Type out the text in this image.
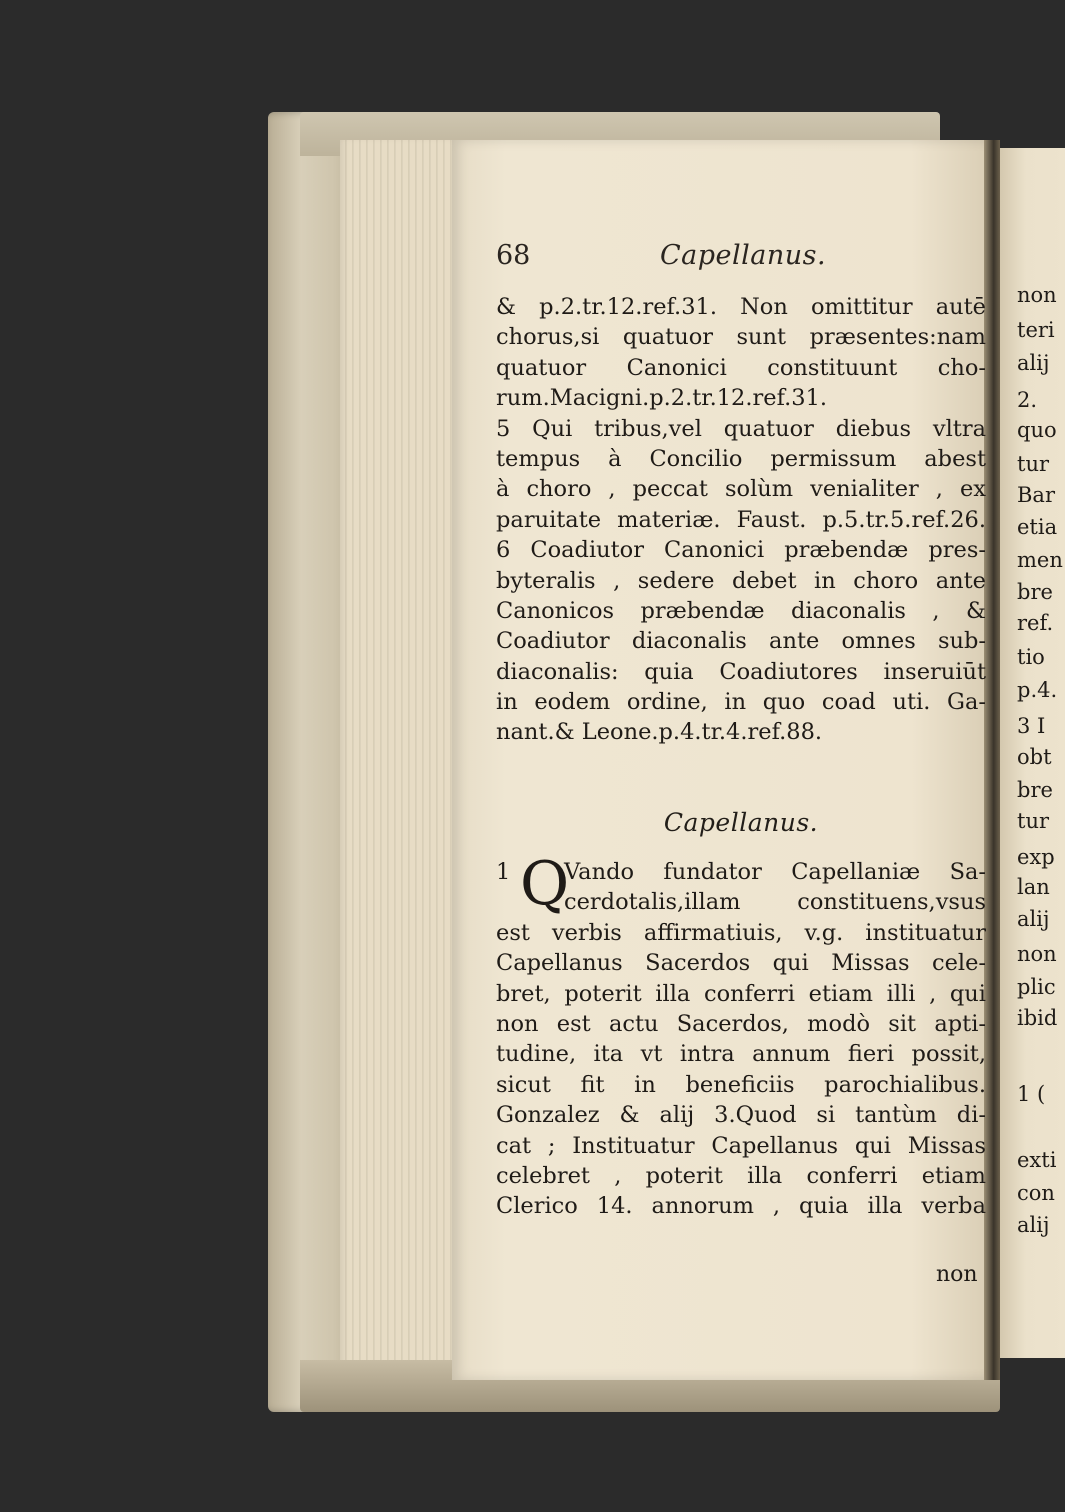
68	Capellanus.
& p.2.tr.12.ref.31. Non omittitur autē
chorus,si quatuor sunt præsentes:nam
quatuor Canonici constituunt cho-
rum.Macigni.p.2.tr.12.ref.31.
5 Qui tribus,vel quatuor diebus vltra
tempus à Concilio permissum abest
à choro , peccat solùm venialiter , ex
paruitate materiæ. Faust. p.5.tr.5.ref.26.
6 Coadiutor Canonici præbendæ pres-
byteralis , sedere debet in choro ante
Canonicos præbendæ diaconalis , &
Coadiutor diaconalis ante omnes sub-
diaconalis: quia Coadiutores inseruiūt
in eodem ordine, in quo coad uti. Ga-
nant.& Leone.p.4.tr.4.ref.88.
Capellanus.
1 Vando fundator Capellaniæ Sa-
cerdotalis,illam constituens,vsus
est verbis affirmatiuis, v.g. instituatur
Capellanus Sacerdos qui Missas cele-
bret, poterit illa conferri etiam illi , qui
non est actu Sacerdos, modò sit apti-
tudine, ita vt intra annum fieri possit,
sicut fit in beneficiis parochialibus.
Gonzalez & alij 3.Quod si tantùm di-
cat ; Instituatur Capellanus qui Missas
celebret , poterit illa conferri etiam
Clerico 14. annorum , quia illa verba
Q
non
non
teri
alij
2.
quo
tur
Bar
etia
men
bre
ref.
tio
p.4.
3 I
obt
bre
tur
exp
lan
alij
non
plic
ibid
1 (
exti
con
alij
